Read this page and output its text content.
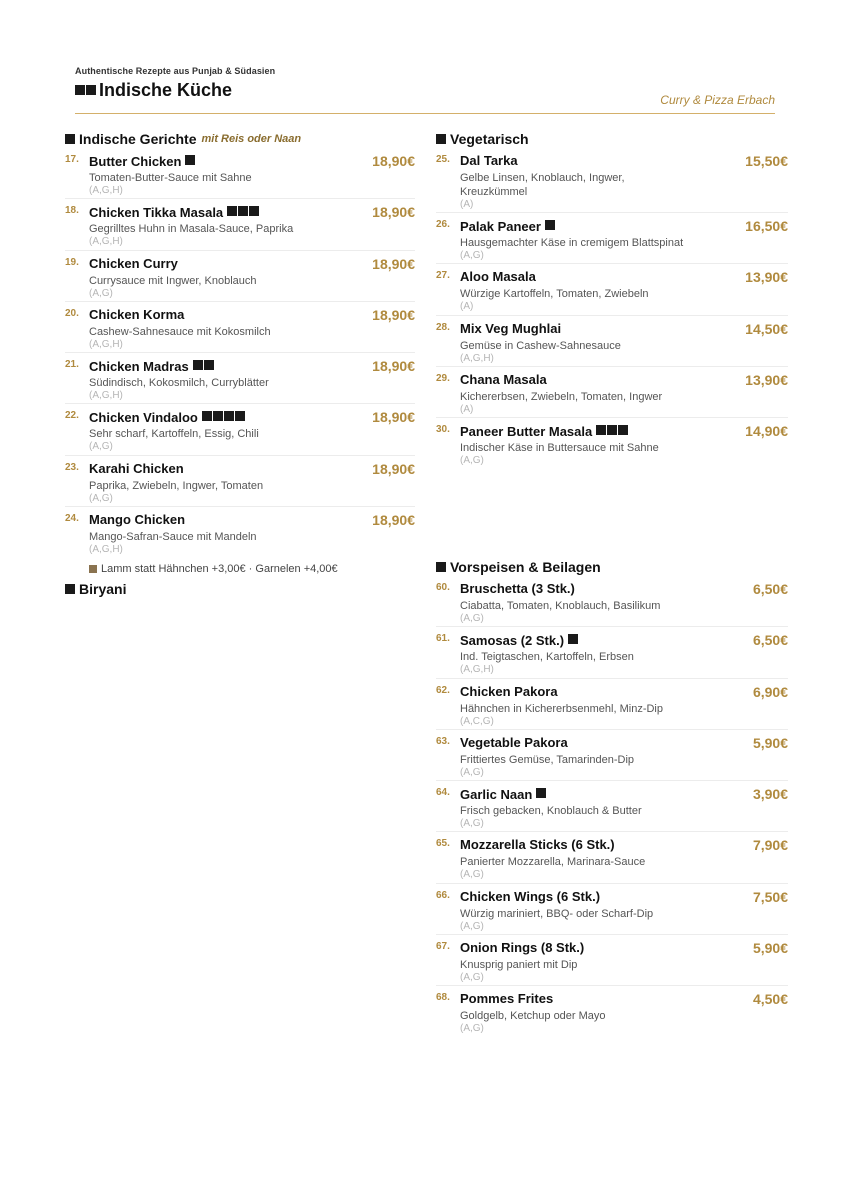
Authentische Rezepte aus Punjab & Südasien
Indische Küche	Curry & Pizza Erbach
Indische Gerichte mit Reis oder Naan
17. Butter Chicken	18,90€
Tomaten-Butter-Sauce mit Sahne
(A,G,H)
18. Chicken Tikka Masala	18,90€
Gegrilltes Huhn in Masala-Sauce, Paprika
(A,G,H)
19. Chicken Curry	18,90€
Currysauce mit Ingwer, Knoblauch
(A,G)
20. Chicken Korma	18,90€
Cashew-Sahnesauce mit Kokosmilch
(A,G,H)
21. Chicken Madras	18,90€
Südindisch, Kokosmilch, Curryblätter
(A,G,H)
22. Chicken Vindaloo	18,90€
Sehr scharf, Kartoffeln, Essig, Chili
(A,G)
23. Karahi Chicken	18,90€
Paprika, Zwiebeln, Ingwer, Tomaten
(A,G)
24. Mango Chicken	18,90€
Mango-Safran-Sauce mit Mandeln
(A,G,H)
Lamm statt Hähnchen +3,00€ · Garnelen +4,00€
Biryani
Vegetarisch
25. Dal Tarka	15,50€
Gelbe Linsen, Knoblauch, Ingwer, Kreuzkümmel
(A)
26. Palak Paneer	16,50€
Hausgemachter Käse in cremigem Blattspinat
(A,G)
27. Aloo Masala	13,90€
Würzige Kartoffeln, Tomaten, Zwiebeln
(A)
28. Mix Veg Mughlai	14,50€
Gemüse in Cashew-Sahnesauce
(A,G,H)
29. Chana Masala	13,90€
Kichererbsen, Zwiebeln, Tomaten, Ingwer
(A)
30. Paneer Butter Masala	14,90€
Indischer Käse in Buttersauce mit Sahne
(A,G)
Vorspeisen & Beilagen
60. Bruschetta (3 Stk.)	6,50€
Ciabatta, Tomaten, Knoblauch, Basilikum
(A,G)
61. Samosas (2 Stk.)	6,50€
Ind. Teigtaschen, Kartoffeln, Erbsen
(A,G,H)
62. Chicken Pakora	6,90€
Hähnchen in Kichererbsenmehl, Minz-Dip
(A,C,G)
63. Vegetable Pakora	5,90€
Frittiertes Gemüse, Tamarinden-Dip
(A,G)
64. Garlic Naan	3,90€
Frisch gebacken, Knoblauch & Butter
(A,G)
65. Mozzarella Sticks (6 Stk.)	7,90€
Panierter Mozzarella, Marinara-Sauce
(A,G)
66. Chicken Wings (6 Stk.)	7,50€
Würzig mariniert, BBQ- oder Scharf-Dip
(A,G)
67. Onion Rings (8 Stk.)	5,90€
Knusprig paniert mit Dip
(A,G)
68. Pommes Frites	4,50€
Goldgelb, Ketchup oder Mayo
(A,G)
